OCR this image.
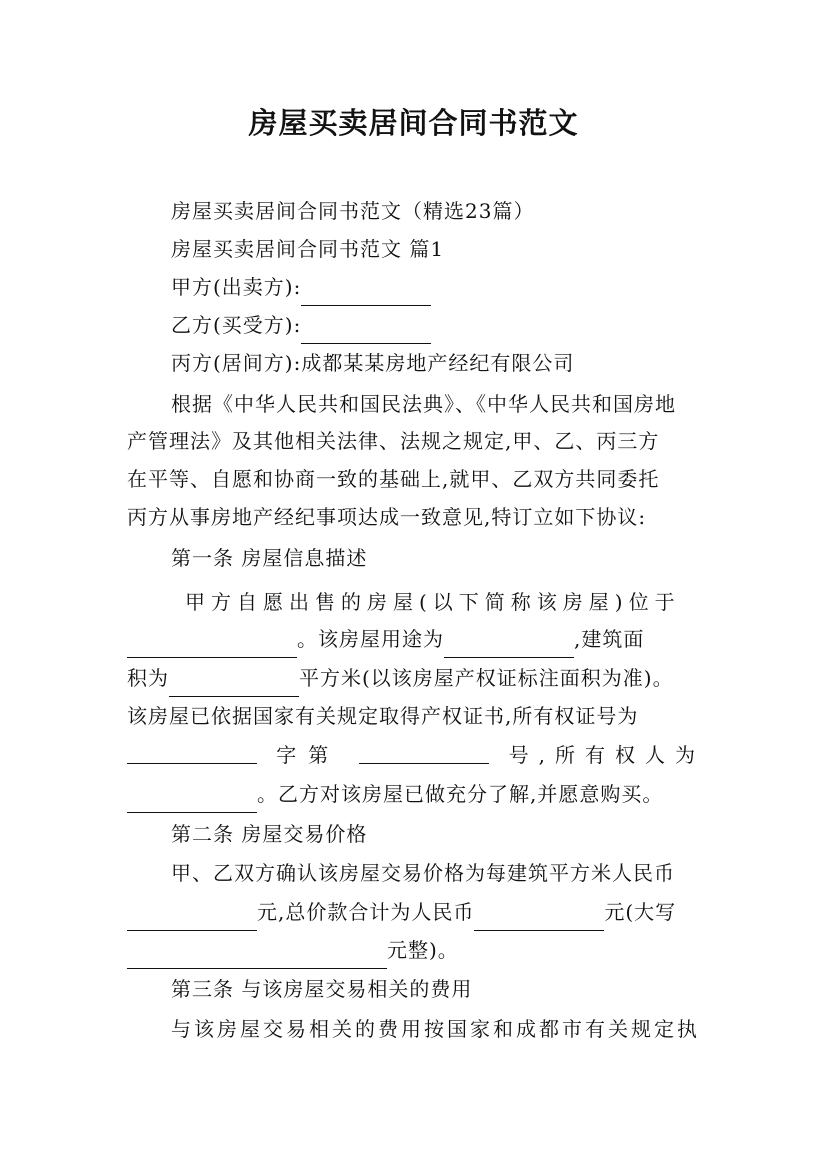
房屋买卖居间合同书范文
房屋买卖居间合同书范文（精选23篇）
房屋买卖居间合同书范文 篇1
甲方(出卖方):
乙方(买受方):
丙方(居间方):成都某某房地产经纪有限公司
根据《中华人民共和国民法典》、《中华人民共和国房地
产管理法》及其他相关法律、法规之规定,甲、乙、丙三方
在平等、自愿和协商一致的基础上,就甲、乙双方共同委托
丙方从事房地产经纪事项达成一致意见,特订立如下协议:
第一条 房屋信息描述
甲方自愿出售的房屋(以下简称该房屋)位于
。该房屋用途为	,建筑面
积为	平方米(以该房屋产权证标注面积为准)。
该房屋已依据国家有关规定取得产权证书,所有权证号为
字第	号,所有权人为
。乙方对该房屋已做充分了解,并愿意购买。
第二条 房屋交易价格
甲、乙双方确认该房屋交易价格为每建筑平方米人民币
元,总价款合计为人民币	元(大写
元整)。
第三条 与该房屋交易相关的费用
与该房屋交易相关的费用按国家和成都市有关规定执
